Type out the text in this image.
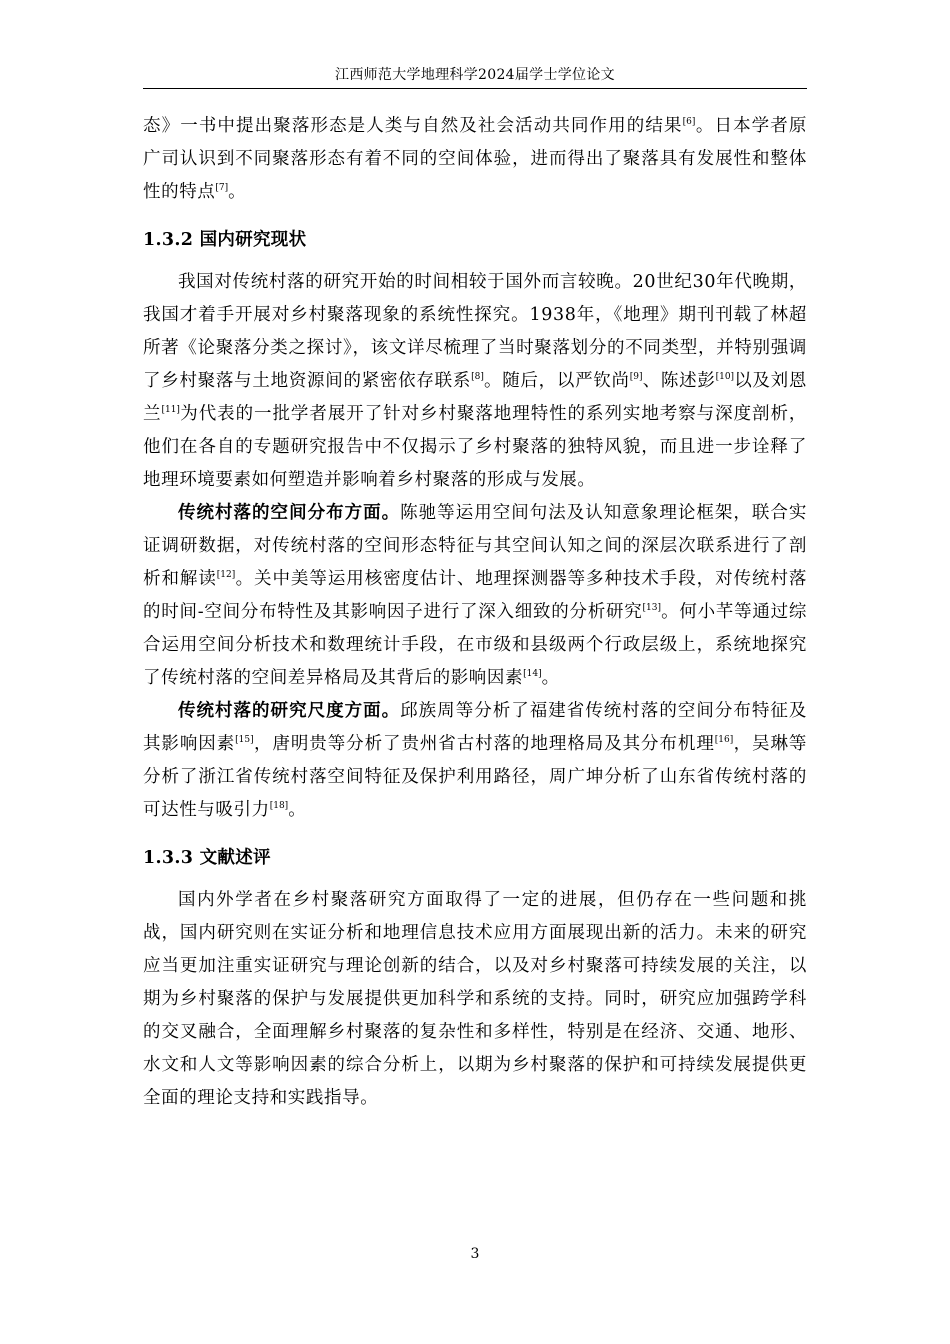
江西师范大学地理科学2024届学士学位论文

态》一书中提出聚落形态是人类与自然及社会活动共同作用的结果[6]。日本学者原广司认识到不同聚落形态有着不同的空间体验，进而得出了聚落具有发展性和整体性的特点[7]。

1.3.2 国内研究现状

我国对传统村落的研究开始的时间相较于国外而言较晚。20世纪30年代晚期，我国才着手开展对乡村聚落现象的系统性探究。1938年，《地理》期刊刊载了林超所著《论聚落分类之探讨》，该文详尽梳理了当时聚落划分的不同类型，并特别强调了乡村聚落与土地资源间的紧密依存联系[8]。随后，以严钦尚[9]、陈述彭[10]以及刘恩兰[11]为代表的一批学者展开了针对乡村聚落地理特性的系列实地考察与深度剖析，他们在各自的专题研究报告中不仅揭示了乡村聚落的独特风貌，而且进一步诠释了地理环境要素如何塑造并影响着乡村聚落的形成与发展。

传统村落的空间分布方面。陈驰等运用空间句法及认知意象理论框架，联合实证调研数据，对传统村落的空间形态特征与其空间认知之间的深层次联系进行了剖析和解读[12]。关中美等运用核密度估计、地理探测器等多种技术手段，对传统村落的时间-空间分布特性及其影响因子进行了深入细致的分析研究[13]。何小芊等通过综合运用空间分析技术和数理统计手段，在市级和县级两个行政层级上，系统地探究了传统村落的空间差异格局及其背后的影响因素[14]。

传统村落的研究尺度方面。邱族周等分析了福建省传统村落的空间分布特征及其影响因素[15]，唐明贵等分析了贵州省古村落的地理格局及其分布机理[16]，吴琳等分析了浙江省传统村落空间特征及保护利用路径，周广坤分析了山东省传统村落的可达性与吸引力[18]。

1.3.3 文献述评

国内外学者在乡村聚落研究方面取得了一定的进展，但仍存在一些问题和挑战，国内研究则在实证分析和地理信息技术应用方面展现出新的活力。未来的研究应当更加注重实证研究与理论创新的结合，以及对乡村聚落可持续发展的关注，以期为乡村聚落的保护与发展提供更加科学和系统的支持。同时，研究应加强跨学科的交叉融合，全面理解乡村聚落的复杂性和多样性，特别是在经济、交通、地形、水文和人文等影响因素的综合分析上，以期为乡村聚落的保护和可持续发展提供更全面的理论支持和实践指导。

3
